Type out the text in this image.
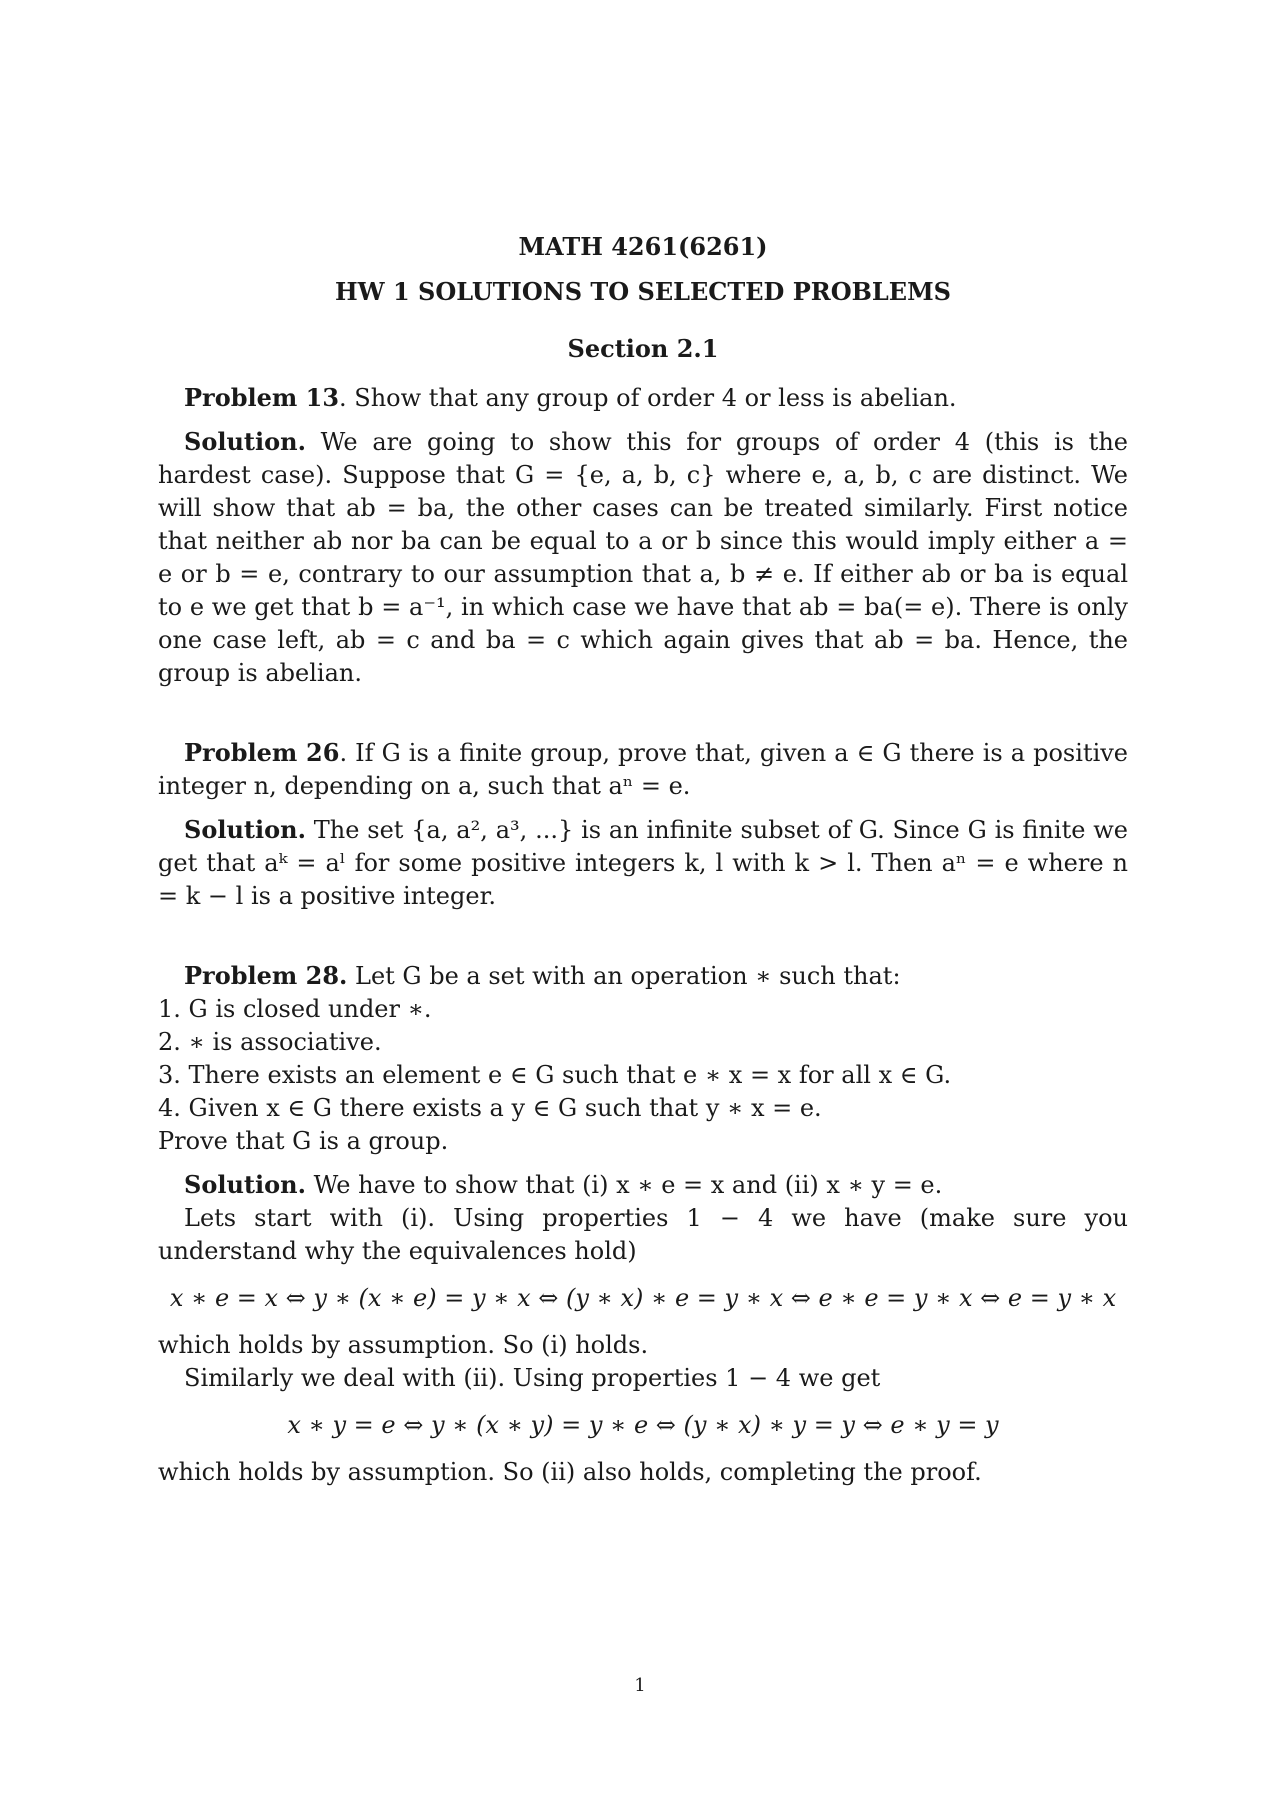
MATH 4261(6261)
HW 1 SOLUTIONS TO SELECTED PROBLEMS
Section 2.1
Problem 13. Show that any group of order 4 or less is abelian.
Solution. We are going to show this for groups of order 4 (this is the hardest case). Suppose that G = {e, a, b, c} where e, a, b, c are distinct. We will show that ab = ba, the other cases can be treated similarly. First notice that neither ab nor ba can be equal to a or b since this would imply either a = e or b = e, contrary to our assumption that a, b ≠ e. If either ab or ba is equal to e we get that b = a⁻¹, in which case we have that ab = ba(= e). There is only one case left, ab = c and ba = c which again gives that ab = ba. Hence, the group is abelian.
Problem 26. If G is a finite group, prove that, given a ∈ G there is a positive integer n, depending on a, such that aⁿ = e.
Solution. The set {a, a², a³, ...} is an infinite subset of G. Since G is finite we get that aᵏ = aˡ for some positive integers k, l with k > l. Then aⁿ = e where n = k − l is a positive integer.
Problem 28. Let G be a set with an operation ∗ such that:
1. G is closed under ∗.
2. ∗ is associative.
3. There exists an element e ∈ G such that e ∗ x = x for all x ∈ G.
4. Given x ∈ G there exists a y ∈ G such that y ∗ x = e.
Prove that G is a group.
Solution. We have to show that (i) x ∗ e = x and (ii) x ∗ y = e.
Lets start with (i). Using properties 1 − 4 we have (make sure you understand why the equivalences hold)
x ∗ e = x ⇔ y ∗ (x ∗ e) = y ∗ x ⇔ (y ∗ x) ∗ e = y ∗ x ⇔ e ∗ e = y ∗ x ⇔ e = y ∗ x
which holds by assumption. So (i) holds.
Similarly we deal with (ii). Using properties 1 − 4 we get
x ∗ y = e ⇔ y ∗ (x ∗ y) = y ∗ e ⇔ (y ∗ x) ∗ y = y ⇔ e ∗ y = y
which holds by assumption. So (ii) also holds, completing the proof.
1
